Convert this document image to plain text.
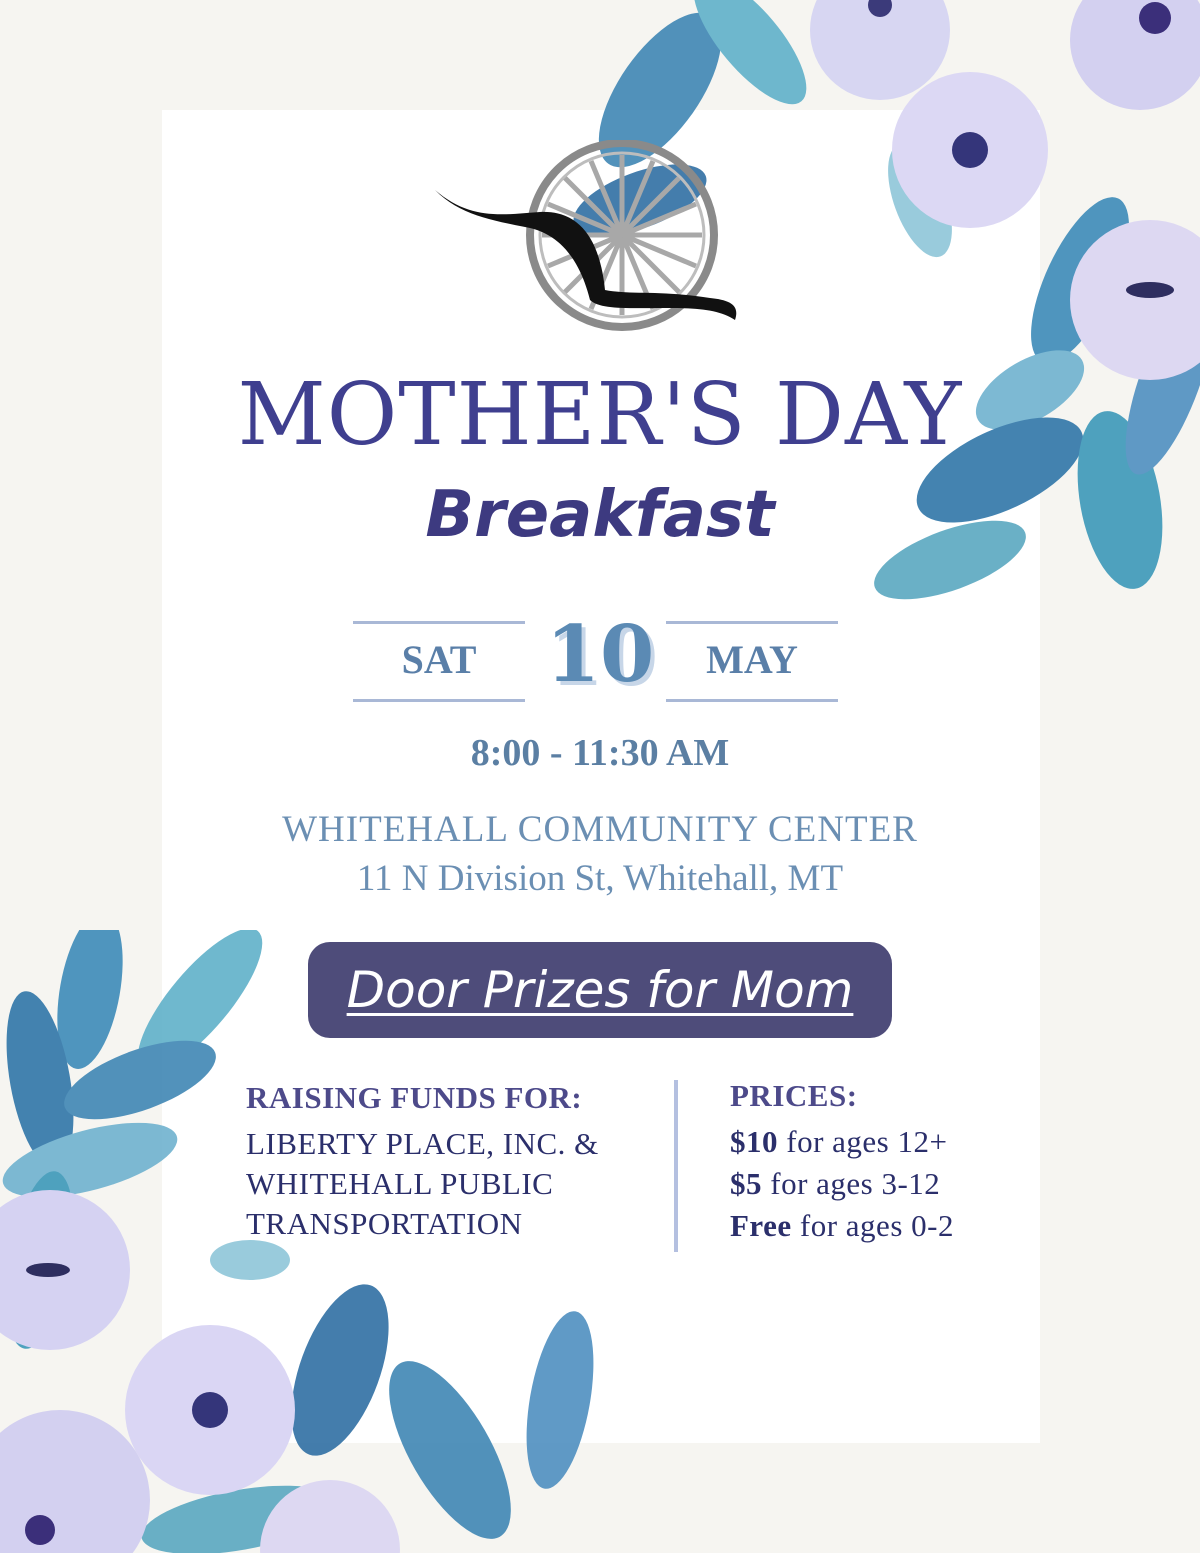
MOTHER'S DAY
Breakfast
SAT 10	MAY
8:00 - 11:30 AM
WHITEHALL COMMUNITY CENTER
11 N Division St, Whitehall, MT
Door Prizes for Mom
RAISING FUNDS FOR:
LIBERTY PLACE, INC. &
WHITEHALL PUBLIC
TRANSPORTATION
PRICES:
$10 for ages 12+
$5 for ages 3-12
Free for ages 0-2
